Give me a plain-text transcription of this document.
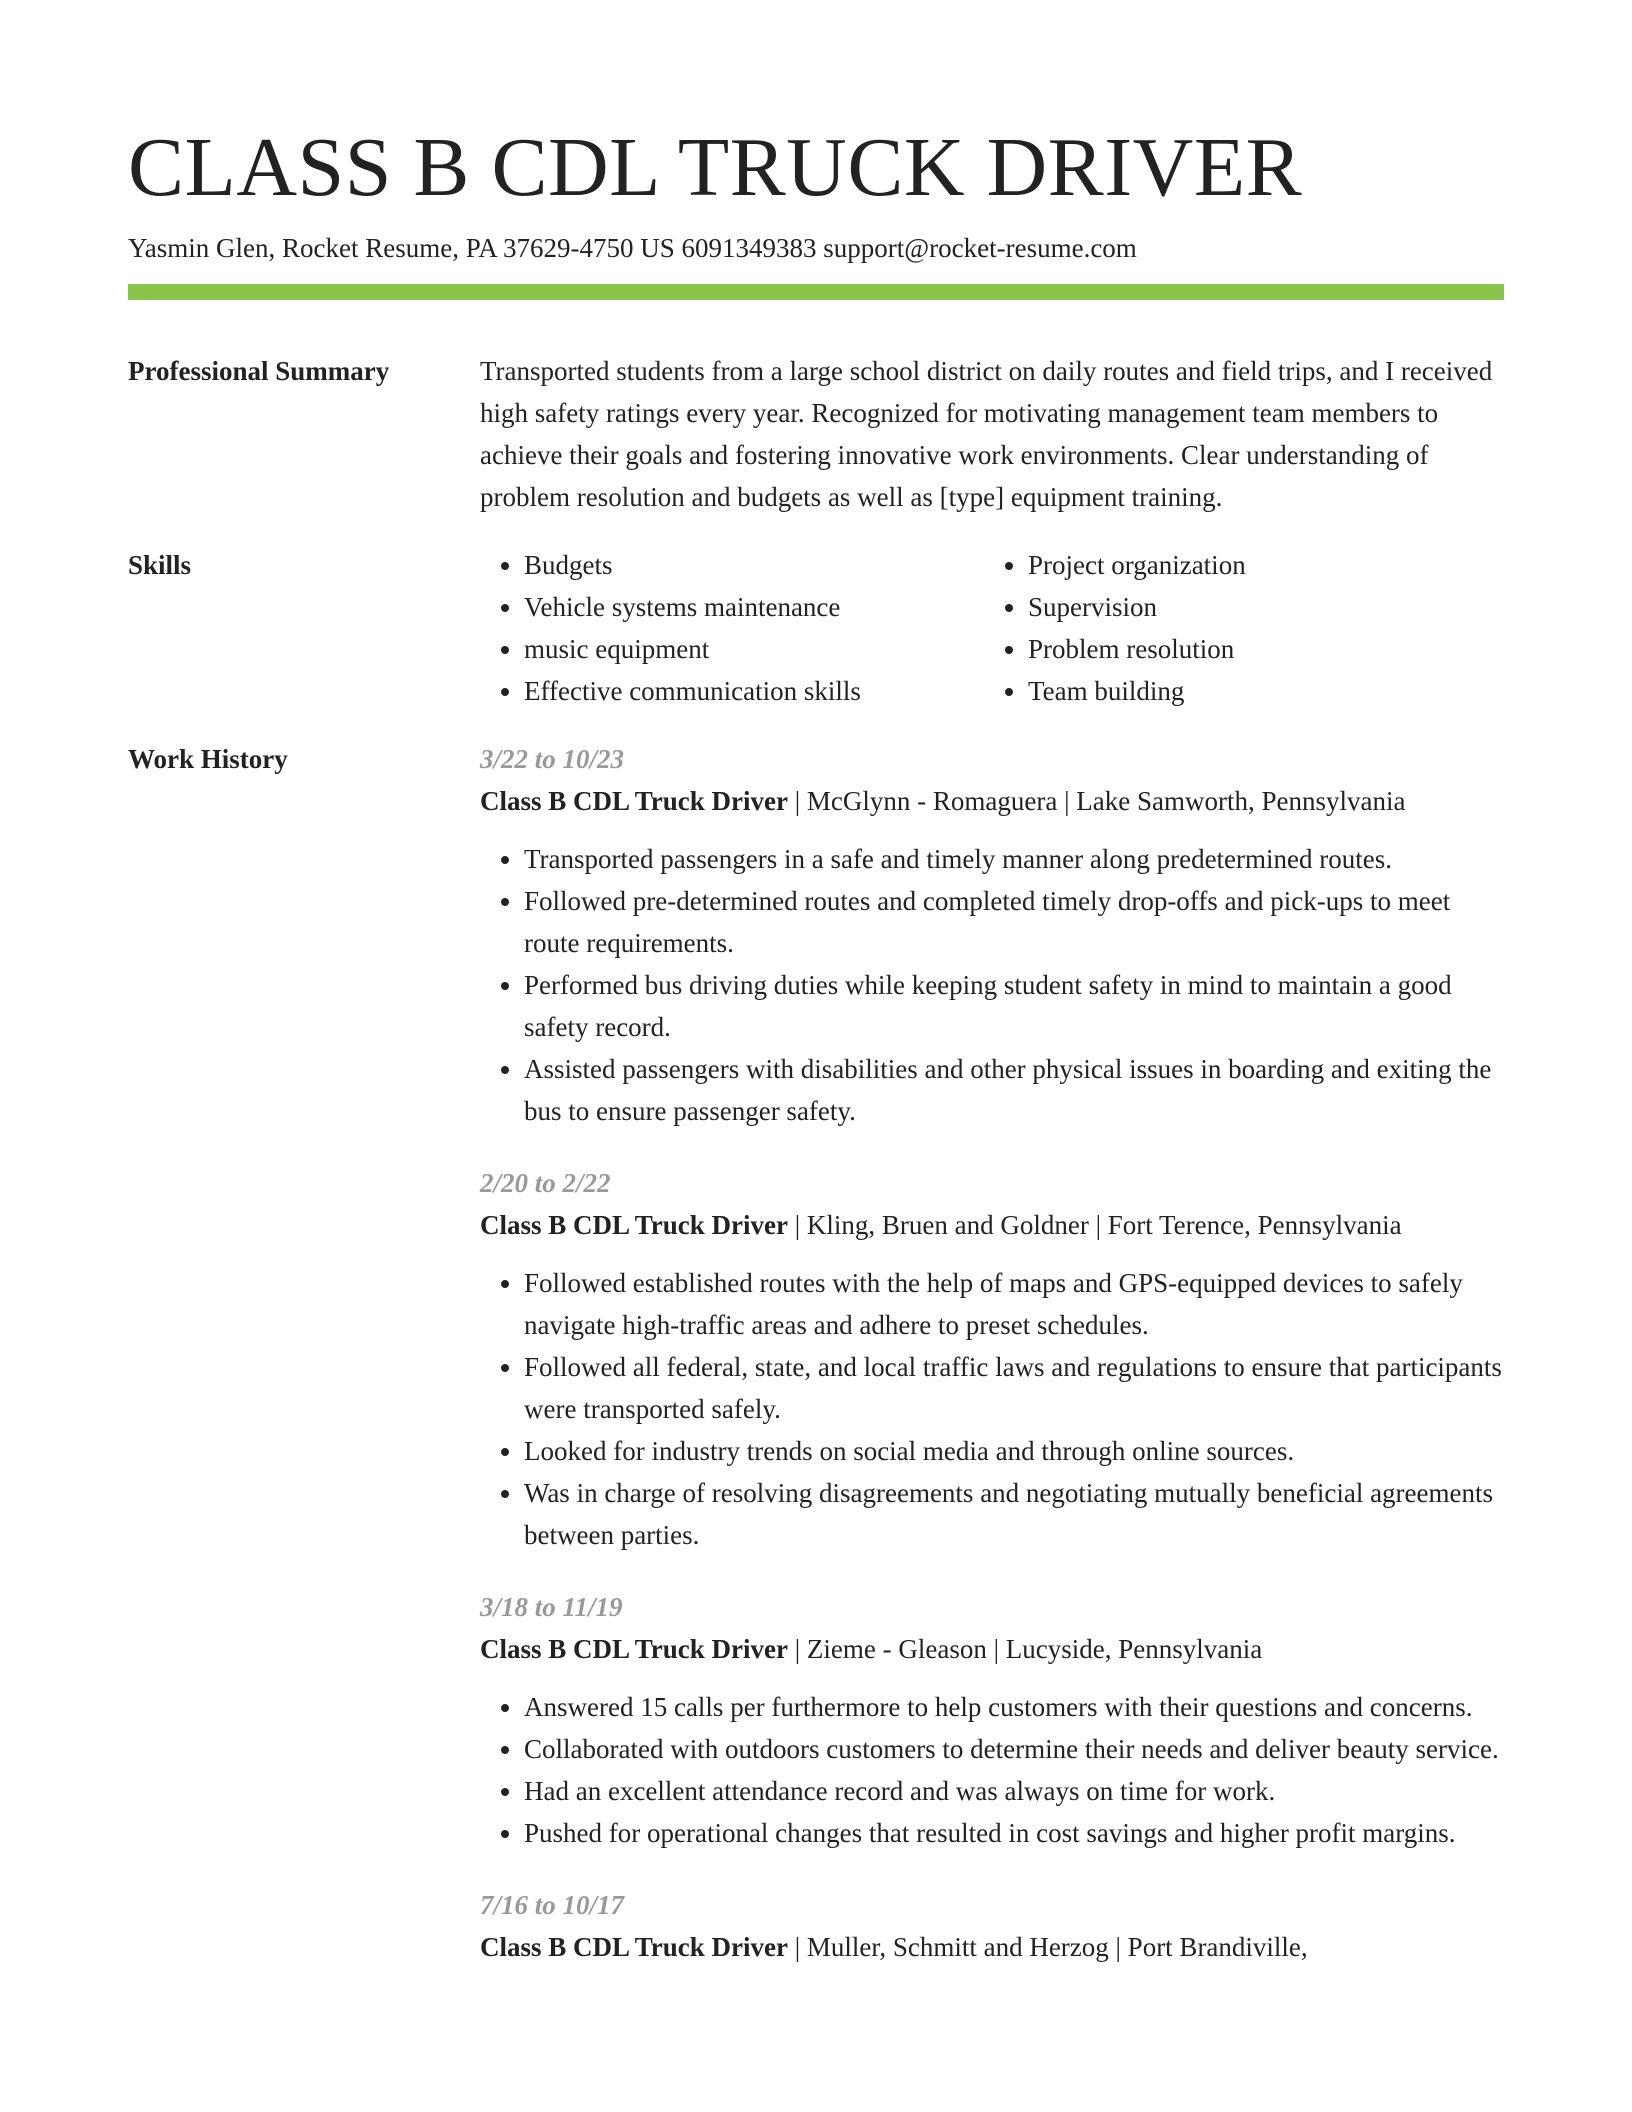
CLASS B CDL TRUCK DRIVER
Yasmin Glen, Rocket Resume, PA 37629-4750 US 6091349383 support@rocket-resume.com
Professional Summary	Transported students from a large school district on daily routes and field trips, and I received high safety ratings every year. Recognized for motivating management team members to achieve their goals and fostering innovative work environments. Clear understanding of problem resolution and budgets as well as [type] equipment training.

Skills
•	Budgets
• Vehicle systems maintenance
• music equipment
• Effective communication skills
• Project organization
• Supervision
• Problem resolution
• Team building
Work History	3/22 to 10/23
Class B CDL Truck Driver | McGlynn - Romaguera | Lake Samworth, Pennsylvania
• Transported passengers in a safe and timely manner along predetermined routes.
• Followed pre-determined routes and completed timely drop-offs and pick-ups to meet route requirements.
• Performed bus driving duties while keeping student safety in mind to maintain a good safety record.
• Assisted passengers with disabilities and other physical issues in boarding and exiting the bus to ensure passenger safety.
2/20 to 2/22
Class B CDL Truck Driver | Kling, Bruen and Goldner | Fort Terence, Pennsylvania
• Followed established routes with the help of maps and GPS-equipped devices to safely navigate high-traffic areas and adhere to preset schedules.
• Followed all federal, state, and local traffic laws and regulations to ensure that participants were transported safely.
• Looked for industry trends on social media and through online sources.
• Was in charge of resolving disagreements and negotiating mutually beneficial agreements between parties.
3/18 to 11/19
Class B CDL Truck Driver | Zieme - Gleason | Lucyside, Pennsylvania
• Answered 15 calls per furthermore to help customers with their questions and concerns.
• Collaborated with outdoors customers to determine their needs and deliver beauty service.
• Had an excellent attendance record and was always on time for work.
• Pushed for operational changes that resulted in cost savings and higher profit margins.
7/16 to 10/17
Class B CDL Truck Driver | Muller, Schmitt and Herzog | Port Brandiville,
